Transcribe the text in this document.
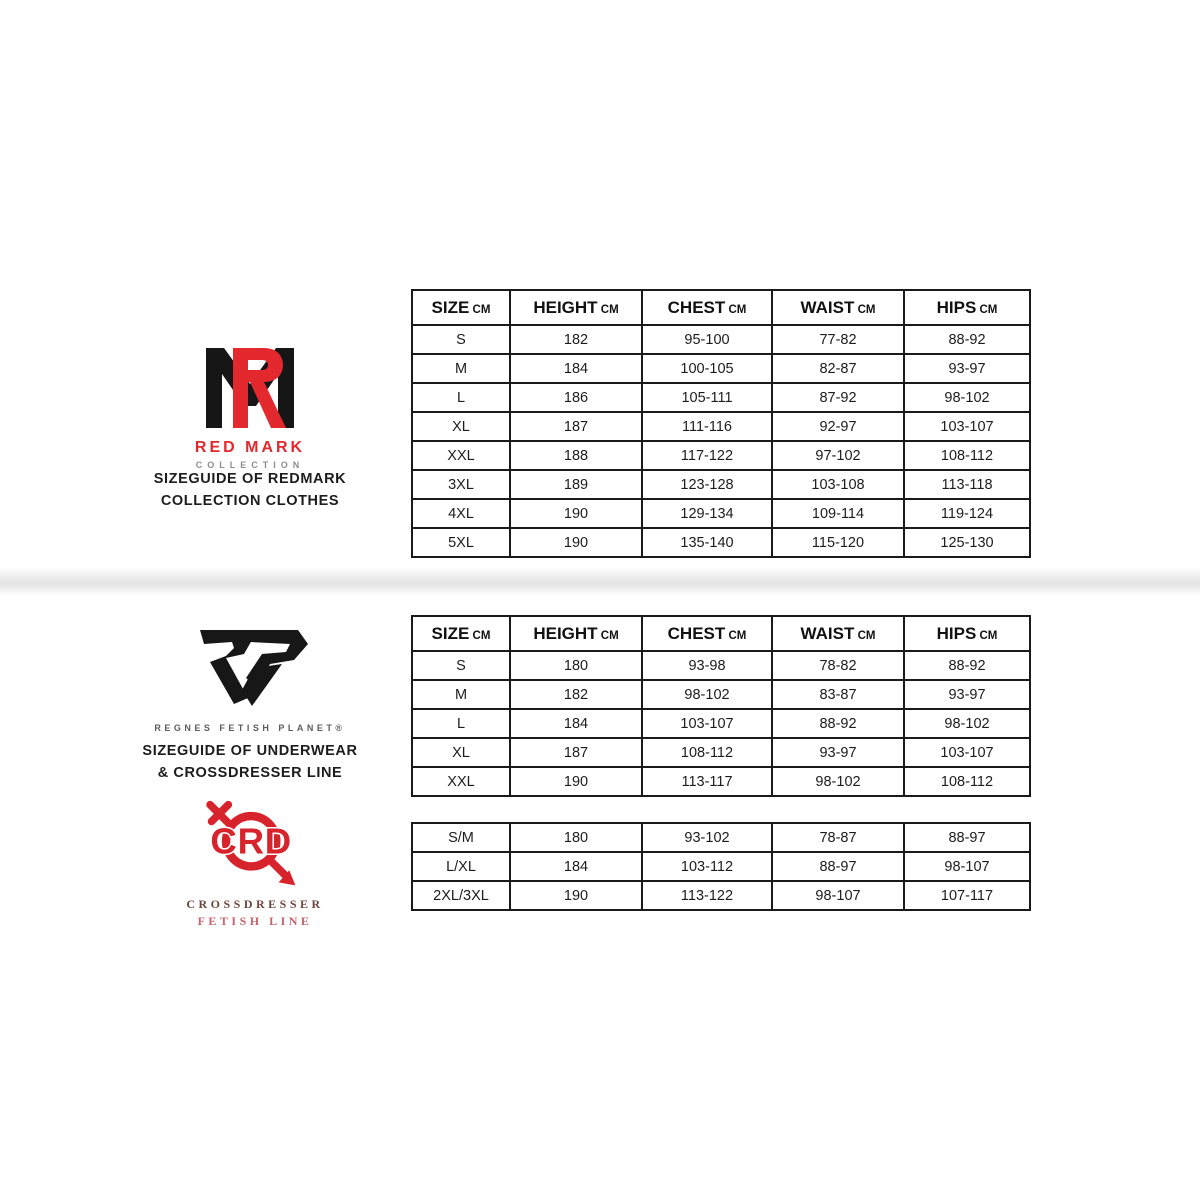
RED MARK
COLLECTION
SIZEGUIDE OF REDMARK
COLLECTION CLOTHES
REGNES FETISH PLANET®
SIZEGUIDE OF UNDERWEAR
& CROSSDRESSER LINE
CRD
CROSSDRESSER
FETISH LINE
SIZE CM	HEIGHT CM	CHEST CM	WAIST CM	HIPS CM
S	182	95-100	77-82	88-92
M	184	100-105	82-87	93-97
L	186	105-111	87-92	98-102
XL	187	111-116	92-97	103-107
XXL	188	117-122	97-102	108-112
3XL	189	123-128	103-108	113-118
4XL	190	129-134	109-114	119-124
5XL	190	135-140	115-120	125-130
SIZE CM	HEIGHT CM	CHEST CM	WAIST CM	HIPS CM
S	180	93-98	78-82	88-92
M	182	98-102	83-87	93-97
L	184	103-107	88-92	98-102
XL	187	108-112	93-97	103-107
XXL	190	113-117	98-102	108-112
S/M	180	93-102	78-87	88-97
L/XL	184	103-112	88-97	98-107
2XL/3XL	190	113-122	98-107	107-117
